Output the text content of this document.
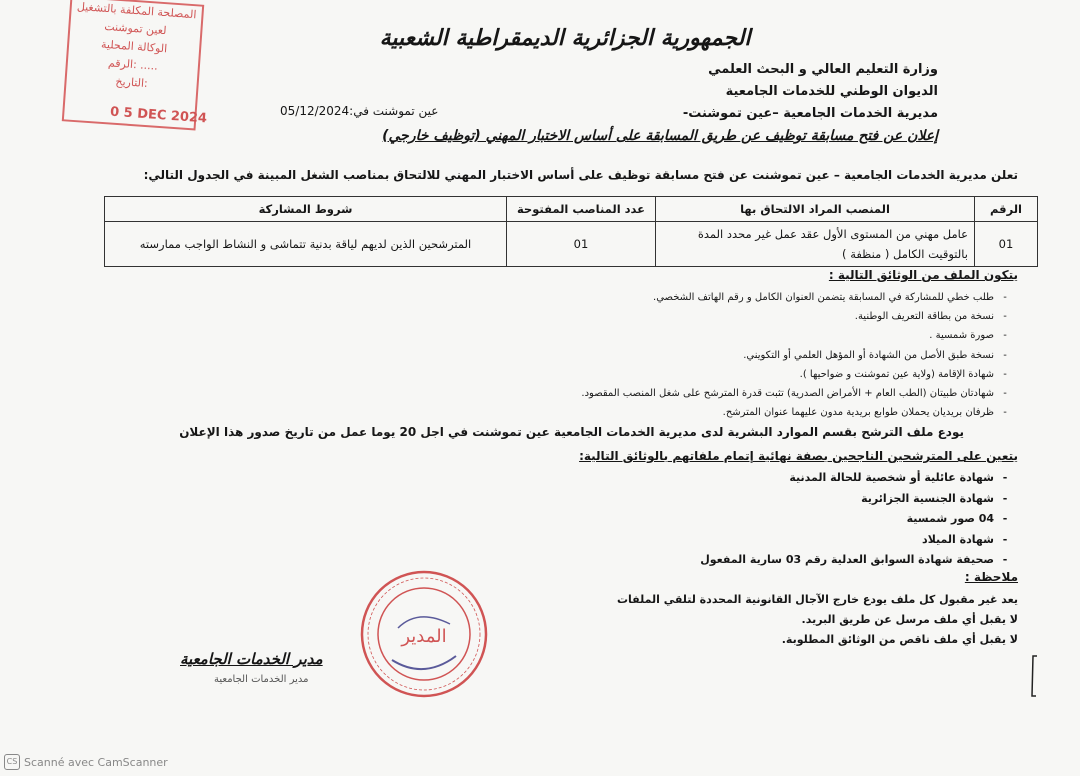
المصلحة المكلفة بالتشغيل
لعين تموشنت
الوكالة المحلية
الرقم: .....
التاريخ:
0 5 DEC 2024
الجمهورية الجزائرية الديمقراطية الشعبية
وزارة التعليم العالي و البحث العلمي
الديوان الوطني للخدمات الجامعية
مديرية الخدمات الجامعية –عين تموشنت-
عين تموشنت في:05/12/2024
إعلان عن فتح مسابقة توظيف عن طريق المسابقة على أساس الاختبار المهني (توظيف خارجي)
تعلن مديرية الخدمات الجامعية – عين تموشنت عن فتح مسابقة توظيف على أساس الاختبار المهني للالتحاق بمناصب الشغل المبينة في الجدول التالي:
الرقم	المنصب المراد الالتحاق بها	عدد المناصب المفتوحة	شروط المشاركة
01	عامل مهني من المستوى الأول عقد عمل غير محدد المدة بالتوقيت الكامل ( منظفة )	01	المترشحين الذين لديهم لياقة بدنية تتماشى و النشاط الواجب ممارسته
يتكون الملف من الوثائق التالية :
-طلب خطي للمشاركة في المسابقة يتضمن العنوان الكامل و رقم الهاتف الشخصي.
-نسخة من بطاقة التعريف الوطنية.
-صورة شمسية .
-نسخة طبق الأصل من الشهادة أو المؤهل العلمي أو التكويني.
-شهادة الإقامة (ولاية عين تموشنت و ضواحيها ).
-شهادتان طبيتان (الطب العام + الأمراض الصدرية) تثبت قدرة المترشح على شغل المنصب المقصود.
-ظرفان بريديان يحملان طوابع بريدية مدون عليهما عنوان المترشح.
يودع ملف الترشح بقسم الموارد البشرية لدى مديرية الخدمات الجامعية عين تموشنت في اجل 20 يوما عمل من تاريخ صدور هذا الإعلان
يتعين على المترشحين الناجحين بصفة نهائية إتمام ملفاتهم بالوثائق التالية:
-شهادة عائلية أو شخصية للحالة المدنية
-شهادة الجنسية الجزائرية
-04 صور شمسية
-شهادة الميلاد
-صحيفة شهادة السوابق العدلية رقم 03 سارية المفعول
ملاحظة :
يعد غير مقبول كل ملف يودع خارج الآجال القانونية المحددة لتلقي الملفات
لا يقبل أي ملف مرسل عن طريق البريد.
لا يقبل أي ملف ناقص من الوثائق المطلوبة.
المدير
مدير الخدمات الجامعية
مدير الخدمات الجامعية
CS Scanné avec CamScanner
